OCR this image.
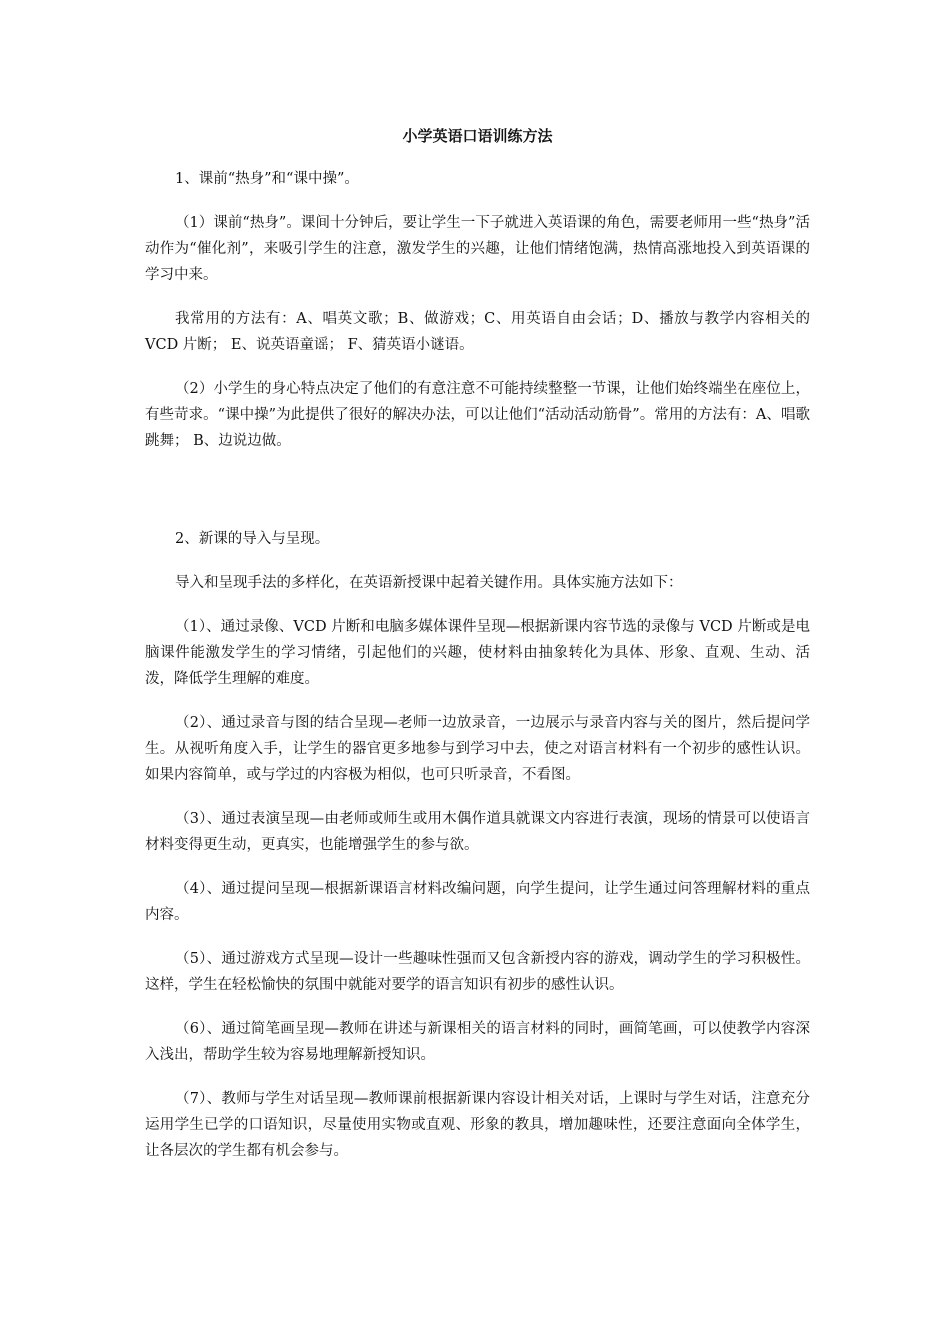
小学英语口语训练方法

1、课前“热身”和“课中操”。

（1）课前“热身”。课间十分钟后，要让学生一下子就进入英语课的角色，需要老师用一些“热身”活动作为“催化剂”，来吸引学生的注意，激发学生的兴趣，让他们情绪饱满，热情高涨地投入到英语课的学习中来。

我常用的方法有：A、唱英文歌；B、做游戏；C、用英语自由会话；D、播放与教学内容相关的 VCD 片断； E、说英语童谣； F、猜英语小谜语。

（2）小学生的身心特点决定了他们的有意注意不可能持续整整一节课，让他们始终端坐在座位上，有些苛求。“课中操”为此提供了很好的解决办法，可以让他们“活动活动筋骨”。常用的方法有：A、唱歌跳舞； B、边说边做。

2、新课的导入与呈现。

导入和呈现手法的多样化，在英语新授课中起着关键作用。具体实施方法如下：

（1）、通过录像、VCD 片断和电脑多媒体课件呈现—根据新课内容节选的录像与 VCD 片断或是电脑课件能激发学生的学习情绪，引起他们的兴趣，使材料由抽象转化为具体、形象、直观、生动、活泼，降低学生理解的难度。

（2）、通过录音与图的结合呈现—老师一边放录音，一边展示与录音内容与关的图片，然后提问学生。从视听角度入手，让学生的器官更多地参与到学习中去，使之对语言材料有一个初步的感性认识。如果内容简单，或与学过的内容极为相似，也可只听录音，不看图。

（3）、通过表演呈现—由老师或师生或用木偶作道具就课文内容进行表演，现场的情景可以使语言材料变得更生动，更真实，也能增强学生的参与欲。

（4）、通过提问呈现—根据新课语言材料改编问题，向学生提问，让学生通过问答理解材料的重点内容。

（5）、通过游戏方式呈现—设计一些趣味性强而又包含新授内容的游戏，调动学生的学习积极性。这样，学生在轻松愉快的氛围中就能对要学的语言知识有初步的感性认识。

（6）、通过简笔画呈现—教师在讲述与新课相关的语言材料的同时，画简笔画，可以使教学内容深入浅出，帮助学生较为容易地理解新授知识。

（7）、教师与学生对话呈现—教师课前根据新课内容设计相关对话，上课时与学生对话，注意充分运用学生已学的口语知识，尽量使用实物或直观、形象的教具，增加趣味性，还要注意面向全体学生，让各层次的学生都有机会参与。
